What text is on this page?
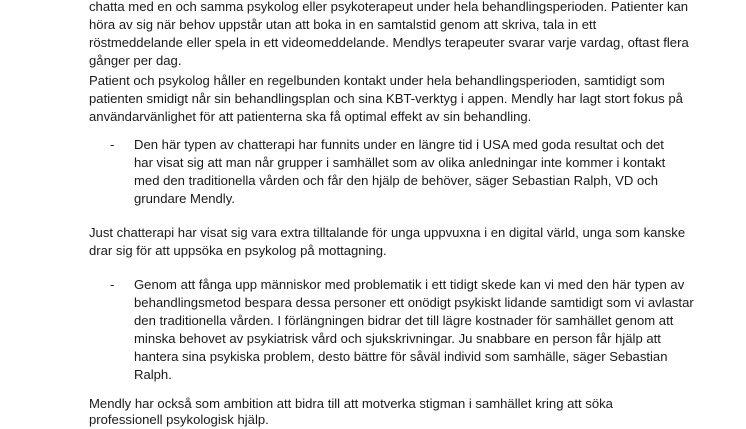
chatta med en och samma psykolog eller psykoterapeut under hela behandlingsperioden. Patienter kan
höra av sig när behov uppstår utan att boka in en samtalstid genom att skriva, tala in ett
röstmeddelande eller spela in ett videomeddelande. Mendlys terapeuter svarar varje vardag, oftast flera
gånger per dag.
Patient och psykolog håller en regelbunden kontakt under hela behandlingsperioden, samtidigt som
patienten smidigt når sin behandlingsplan och sina KBT-verktyg i appen. Mendly har lagt stort fokus på
användarvänlighet för att patienterna ska få optimal effekt av sin behandling.
- Den här typen av chatterapi har funnits under en längre tid i USA med goda resultat och det
har visat sig att man når grupper i samhället som av olika anledningar inte kommer i kontakt
med den traditionella vården och får den hjälp de behöver, säger Sebastian Ralph, VD och
grundare Mendly.
Just chatterapi har visat sig vara extra tilltalande för unga uppvuxna i en digital värld, unga som kanske
drar sig för att uppsöka en psykolog på mottagning.
- Genom att fånga upp människor med problematik i ett tidigt skede kan vi med den här typen av
behandlingsmetod bespara dessa personer ett onödigt psykiskt lidande samtidigt som vi avlastar
den traditionella vården. I förlängningen bidrar det till lägre kostnader för samhället genom att
minska behovet av psykiatrisk vård och sjukskrivningar. Ju snabbare en person får hjälp att
hantera sina psykiska problem, desto bättre för såväl individ som samhälle, säger Sebastian
Ralph.
Mendly har också som ambition att bidra till att motverka stigman i samhället kring att söka
professionell psykologisk hjälp.
